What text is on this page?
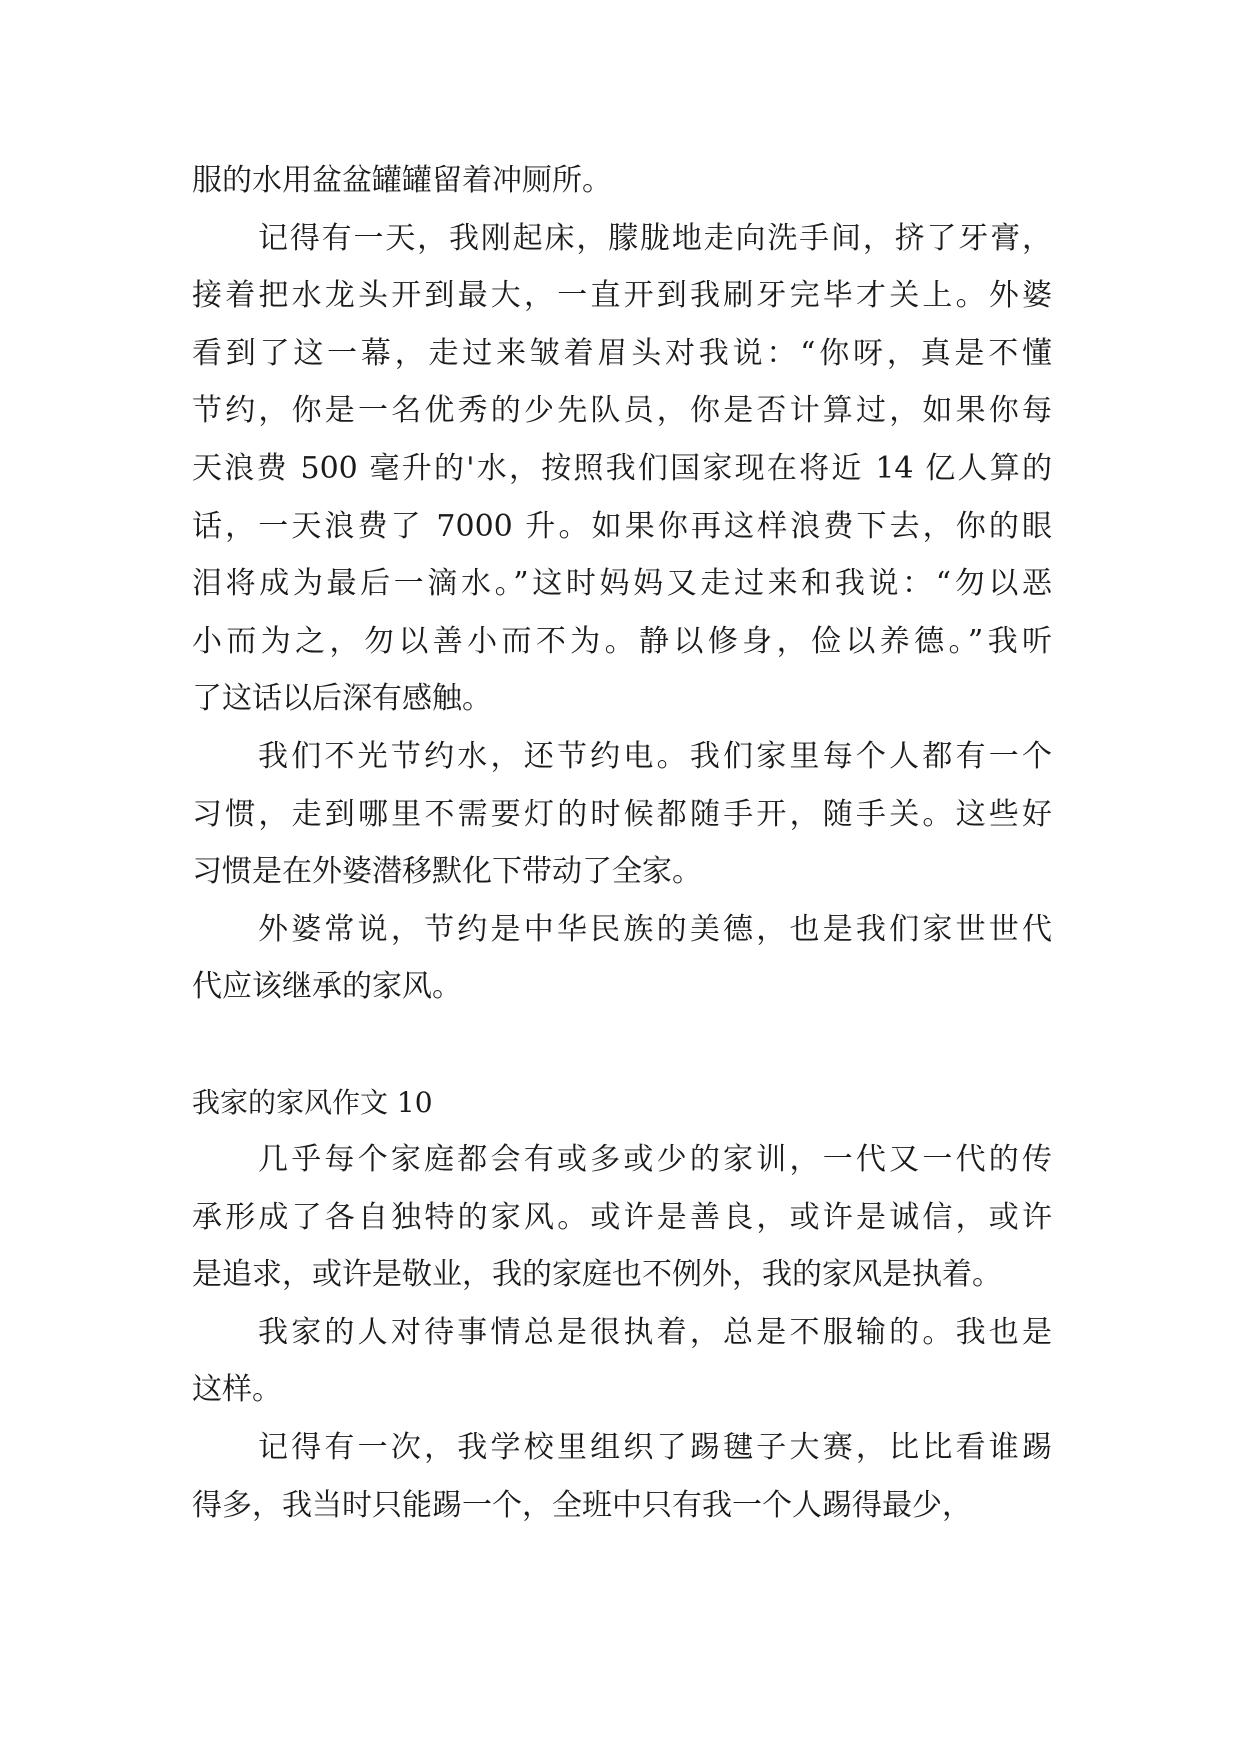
服的水用盆盆罐罐留着冲厕所。
记得有一天，我刚起床，朦胧地走向洗手间，挤了牙膏，
接着把水龙头开到最大，一直开到我刷牙完毕才关上。外婆
看到了这一幕，走过来皱着眉头对我说：“你呀，真是不懂
节约，你是一名优秀的少先队员，你是否计算过，如果你每
天浪费 500 毫升的'水，按照我们国家现在将近 14 亿人算的
话，一天浪费了 7000 升。如果你再这样浪费下去，你的眼
泪将成为最后一滴水。”这时妈妈又走过来和我说：“勿以恶
小而为之，勿以善小而不为。静以修身，俭以养德。”我听
了这话以后深有感触。
我们不光节约水，还节约电。我们家里每个人都有一个
习惯，走到哪里不需要灯的时候都随手开，随手关。这些好
习惯是在外婆潜移默化下带动了全家。
外婆常说，节约是中华民族的美德，也是我们家世世代
代应该继承的家风。
我家的家风作文 10
几乎每个家庭都会有或多或少的家训，一代又一代的传
承形成了各自独特的家风。或许是善良，或许是诚信，或许
是追求，或许是敬业，我的家庭也不例外，我的家风是执着。
我家的人对待事情总是很执着，总是不服输的。我也是
这样。
记得有一次，我学校里组织了踢毽子大赛，比比看谁踢
得多，我当时只能踢一个，全班中只有我一个人踢得最少，
